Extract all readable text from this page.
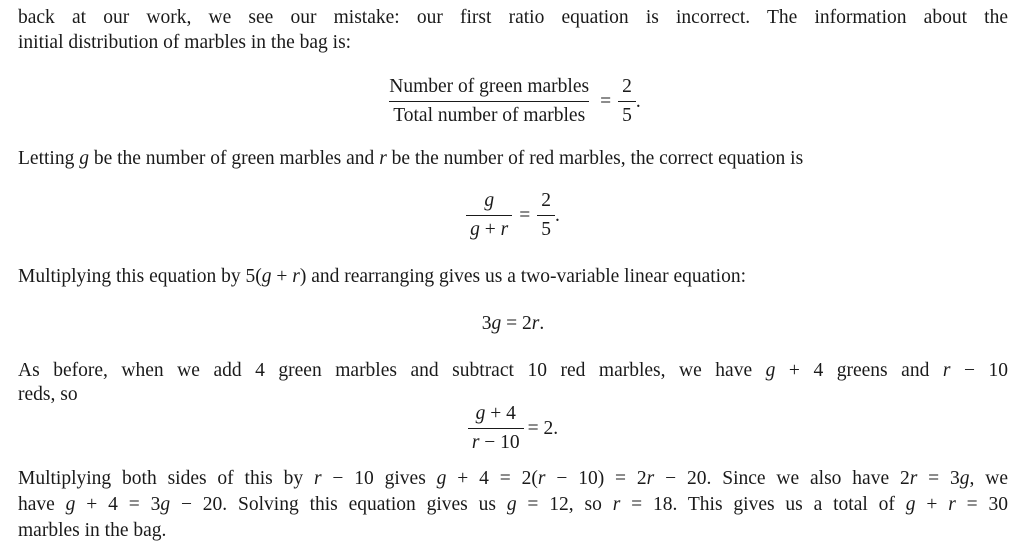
back at our work, we see our mistake: our first ratio equation is incorrect. The information about the

initial distribution of marbles in the bag is:

$\frac{\text{Number of green marbles}}{\text{Total number of marbles}} = \frac{2}{5}$ .

Letting g be the number of green marbles and r be the number of red marbles, the correct equation is

$\frac{g}{g + r} = \frac{2}{5}$ .

Multiplying this equation by 5(g + r) and rearranging gives us a two-variable linear equation:

3g = 2r.

As before, when we add 4 green marbles and subtract 10 red marbles, we have g + 4 greens and r − 10

reds, so

$\frac{g + 4}{r - 10} = 2$.

Multiplying both sides of this by r − 10 gives g + 4 = 2(r − 10) = 2r − 20. Since we also have 2r = 3g, we

have g + 4 = 3g − 20. Solving this equation gives us g = 12, so r = 18. This gives us a total of g + r = 30

marbles in the bag.
